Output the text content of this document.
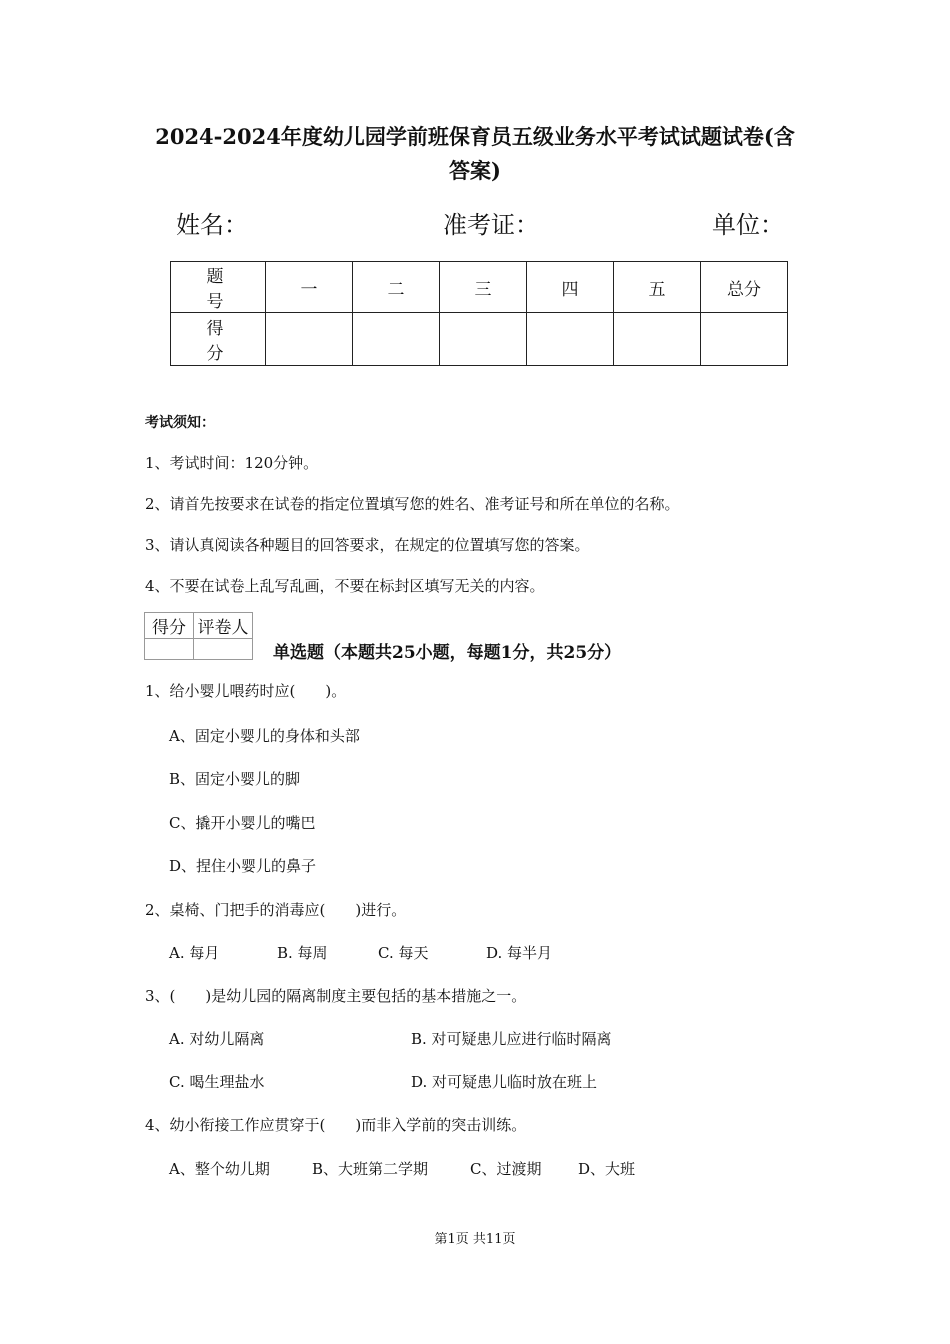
2024-2024年度幼儿园学前班保育员五级业务水平考试试题试卷(含
答案)
姓名：	准考证：	单位：
题　号	一	二	三	四	五	总分
得　分						
考试须知：
1、考试时间：120分钟。
2、请首先按要求在试卷的指定位置填写您的姓名、准考证号和所在单位的名称。
3、请认真阅读各种题目的回答要求，在规定的位置填写您的答案。
4、不要在试卷上乱写乱画，不要在标封区填写无关的内容。
得分	评卷人

单选题（本题共25小题，每题1分，共25分）
1、给小婴儿喂药时应(　　)。
A、固定小婴儿的身体和头部
B、固定小婴儿的脚
C、撬开小婴儿的嘴巴
D、捏住小婴儿的鼻子
2、桌椅、门把手的消毒应(　　)进行。
A. 每月	B. 每周	C. 每天	D. 每半月
3、(　　)是幼儿园的隔离制度主要包括的基本措施之一。
A. 对幼儿隔离	B. 对可疑患儿应进行临时隔离
C. 喝生理盐水	D. 对可疑患儿临时放在班上
4、幼小衔接工作应贯穿于(　　)而非入学前的突击训练。
A、整个幼儿期	B、大班第二学期	C、过渡期 D、大班
第1页 共11页
